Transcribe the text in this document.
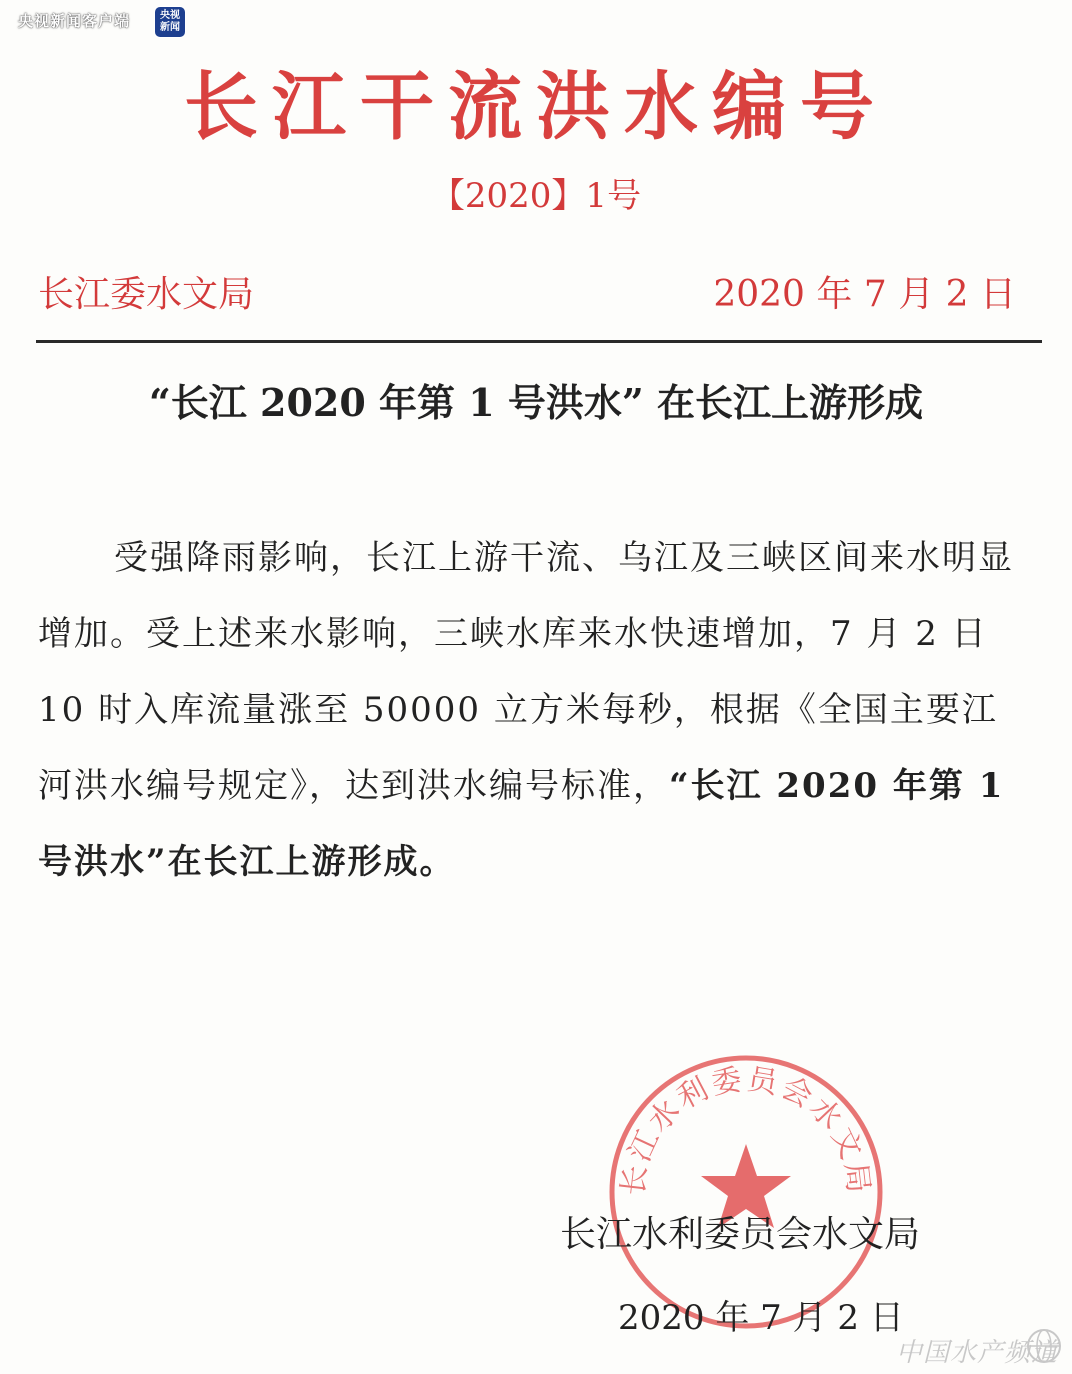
央视新闻客户端	央视
新闻
长江干流洪水编号
【2020】1号
长江委水文局	2020 年 7 月 2 日
“长江 2020 年第 1 号洪水” 在长江上游形成
受强降雨影响，长江上游干流、乌江及三峡区间来水明显增加。受上述来水影响，三峡水库来水快速增加，7 月 2 日 10 时入库流量涨至 50000 立方米每秒，根据《全国主要江河洪水编号规定》，达到洪水编号标准，“长江 2020 年第 1 号洪水”在长江上游形成。
长江水利委员会水文局
长江水利委员会水文局
2020 年 7 月 2 日
中国水产频道
